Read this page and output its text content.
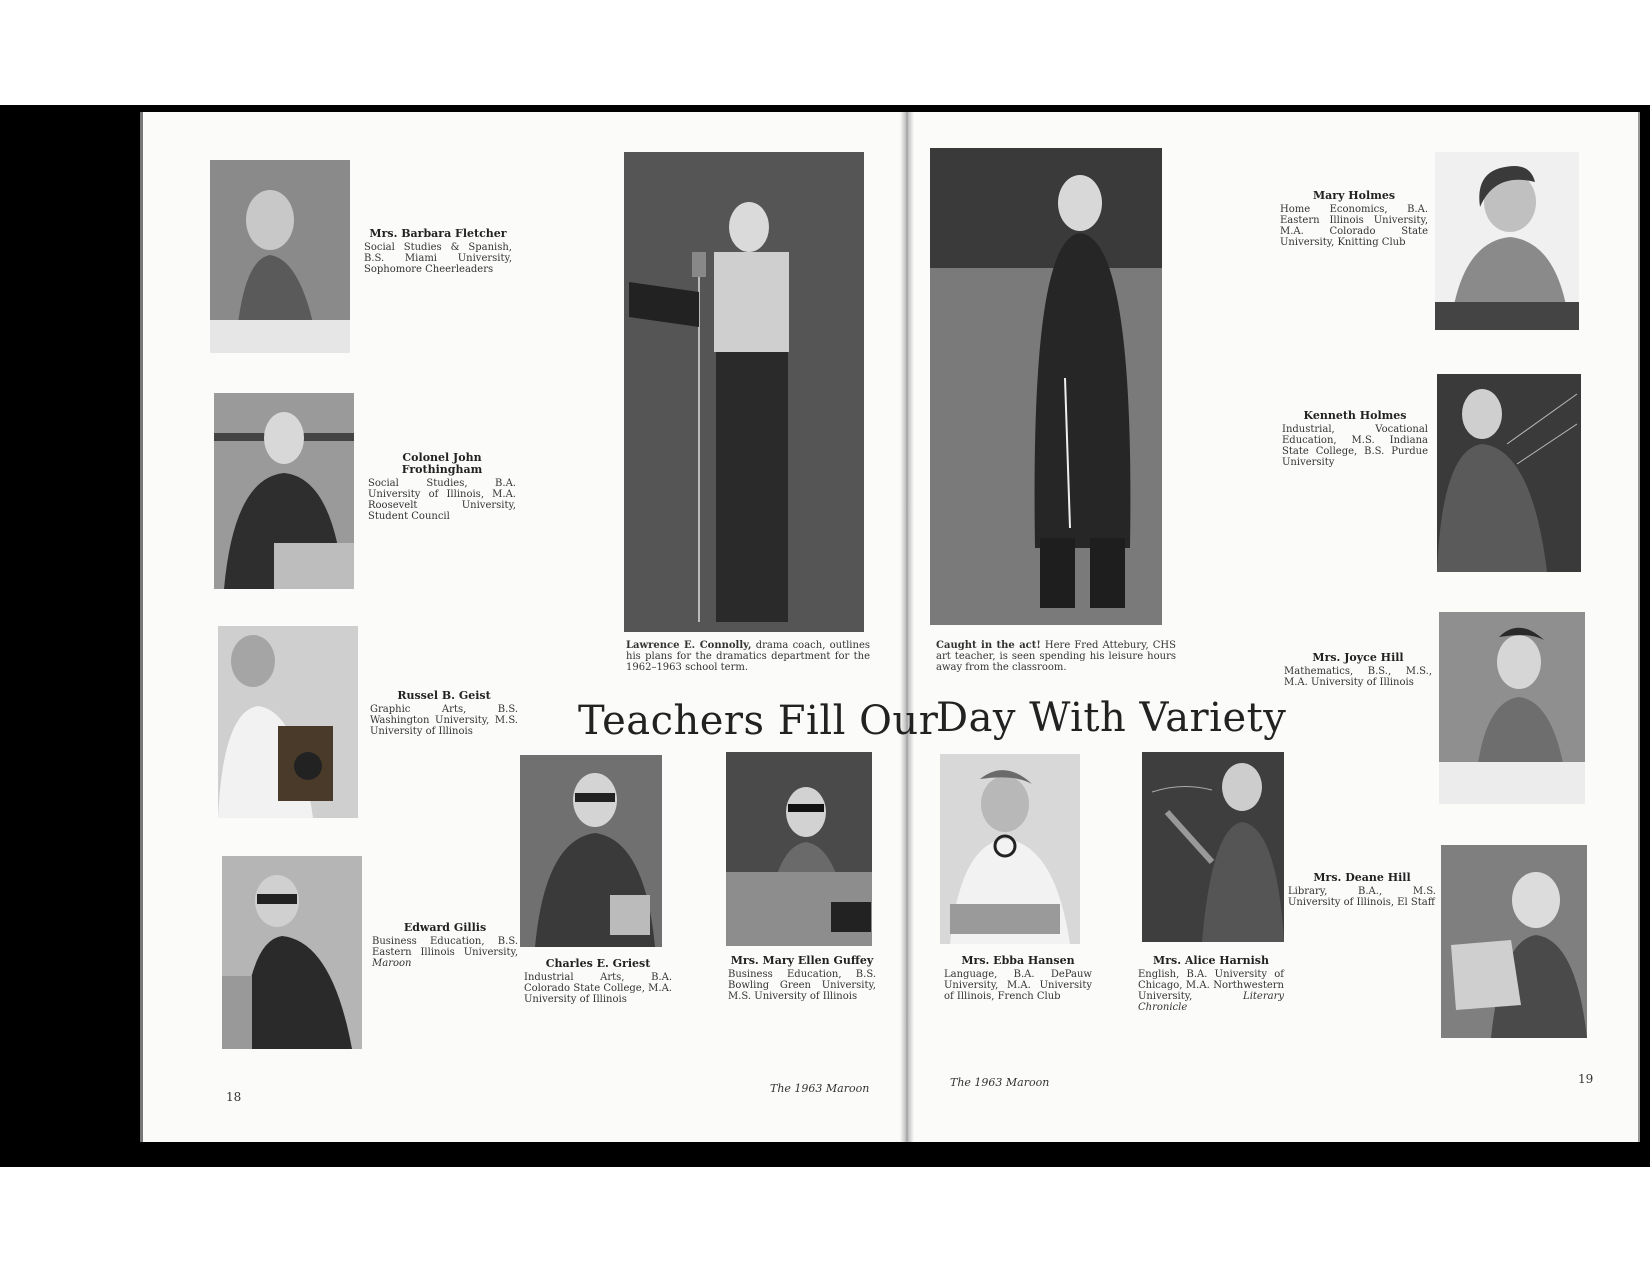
Mrs. Barbara Fletcher
Social Studies & Spanish, B.S. Miami University, Sophomore Cheerleaders
Colonel John Frothingham
Social Studies, B.A. University of Illinois, M.A. Roosevelt University, Student Council
Russel B. Geist
Graphic Arts, B.S. Washington University, M.S. University of Illinois
Edward Gillis
Business Education, B.S. Eastern Illinois University, Maroon	Charles E. Griest
Industrial Arts, B.A. Colorado State College, M.A. University of Illinois
Mrs. Mary Ellen Guffey
Business Education, B.S. Bowling Green University, M.S. University of Illinois
Lawrence E. Connolly, drama coach, outlines his plans for the dramatics department for the 1962–1963 school term.
Teachers Fill Our
18
The 1963 Maroon
Caught in the act! Here Fred Attebury, CHS art teacher, is seen spending his leisure hours away from the classroom.
Day With Variety
Mary Holmes
Home Economics, B.A. Eastern Illinois University, M.A. Colorado State University, Knitting Club
Kenneth Holmes
Industrial, Vocational Education, M.S. Indiana State College, B.S. Purdue University
Mrs. Joyce Hill
Mathematics, B.S., M.S., M.A. University of Illinois
Mrs. Deane Hill
Library, B.A., M.S. University of Illinois, El Staff
Mrs. Ebba Hansen
Language, B.A. DePauw University, M.A. University of Illinois, French Club
Mrs. Alice Harnish
English, B.A. University of Chicago, M.A. Northwestern University,	Literary Chronicle
The 1963 Maroon	19
